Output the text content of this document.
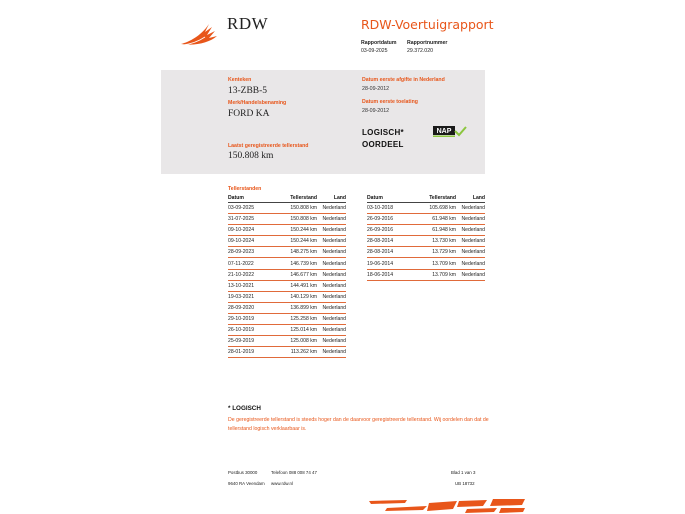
RDW	RDW-Voertuigrapport
Rapportdatum
03-09-2025
Rapportnummer
29.372.020
Kenteken
13-ZBB-5
Merk/Handelsbenaming
FORD KA
Laatst geregistreerde tellerstand
150.808 km
Datum eerste afgifte in Nederland
28-09-2012
Datum eerste toelating
28-09-2012
LOGISCH*
OORDEEL
NAP
Tellerstanden
Datum	Tellerstand	Land
03-09-2025	150.808 km	Nederland
31-07-2025	150.808 km	Nederland
09-10-2024	150.244 km	Nederland
09-10-2024	150.244 km	Nederland
28-09-2023	148.275 km	Nederland
07-11-2022	146.739 km	Nederland
21-10-2022	146.677 km	Nederland
13-10-2021	144.491 km	Nederland
19-03-2021	140.129 km	Nederland
28-09-2020	136.899 km	Nederland
29-10-2019	125.258 km	Nederland
26-10-2019	125.014 km	Nederland
25-09-2019	125.008 km	Nederland
28-01-2019	113.262 km	Nederland
Datum	Tellerstand	Land
03-10-2018	105.698 km	Nederland
26-09-2016	61.948 km	Nederland
26-09-2016	61.948 km	Nederland
28-08-2014	13.730 km	Nederland
28-08-2014	13.729 km	Nederland
19-06-2014	13.709 km	Nederland
18-06-2014	13.709 km	Nederland
* LOGISCH
De geregistreerde tellerstand is steeds hoger dan de daarvoor geregistreerde tellerstand. Wij oordelen dan dat de tellerstand logisch verklaarbaar is.
Postbus 30000
9640 RA Veendam
Telefoon 088 008 74 47
www.rdw.nl
Blad 1 van 3
UB 18732
